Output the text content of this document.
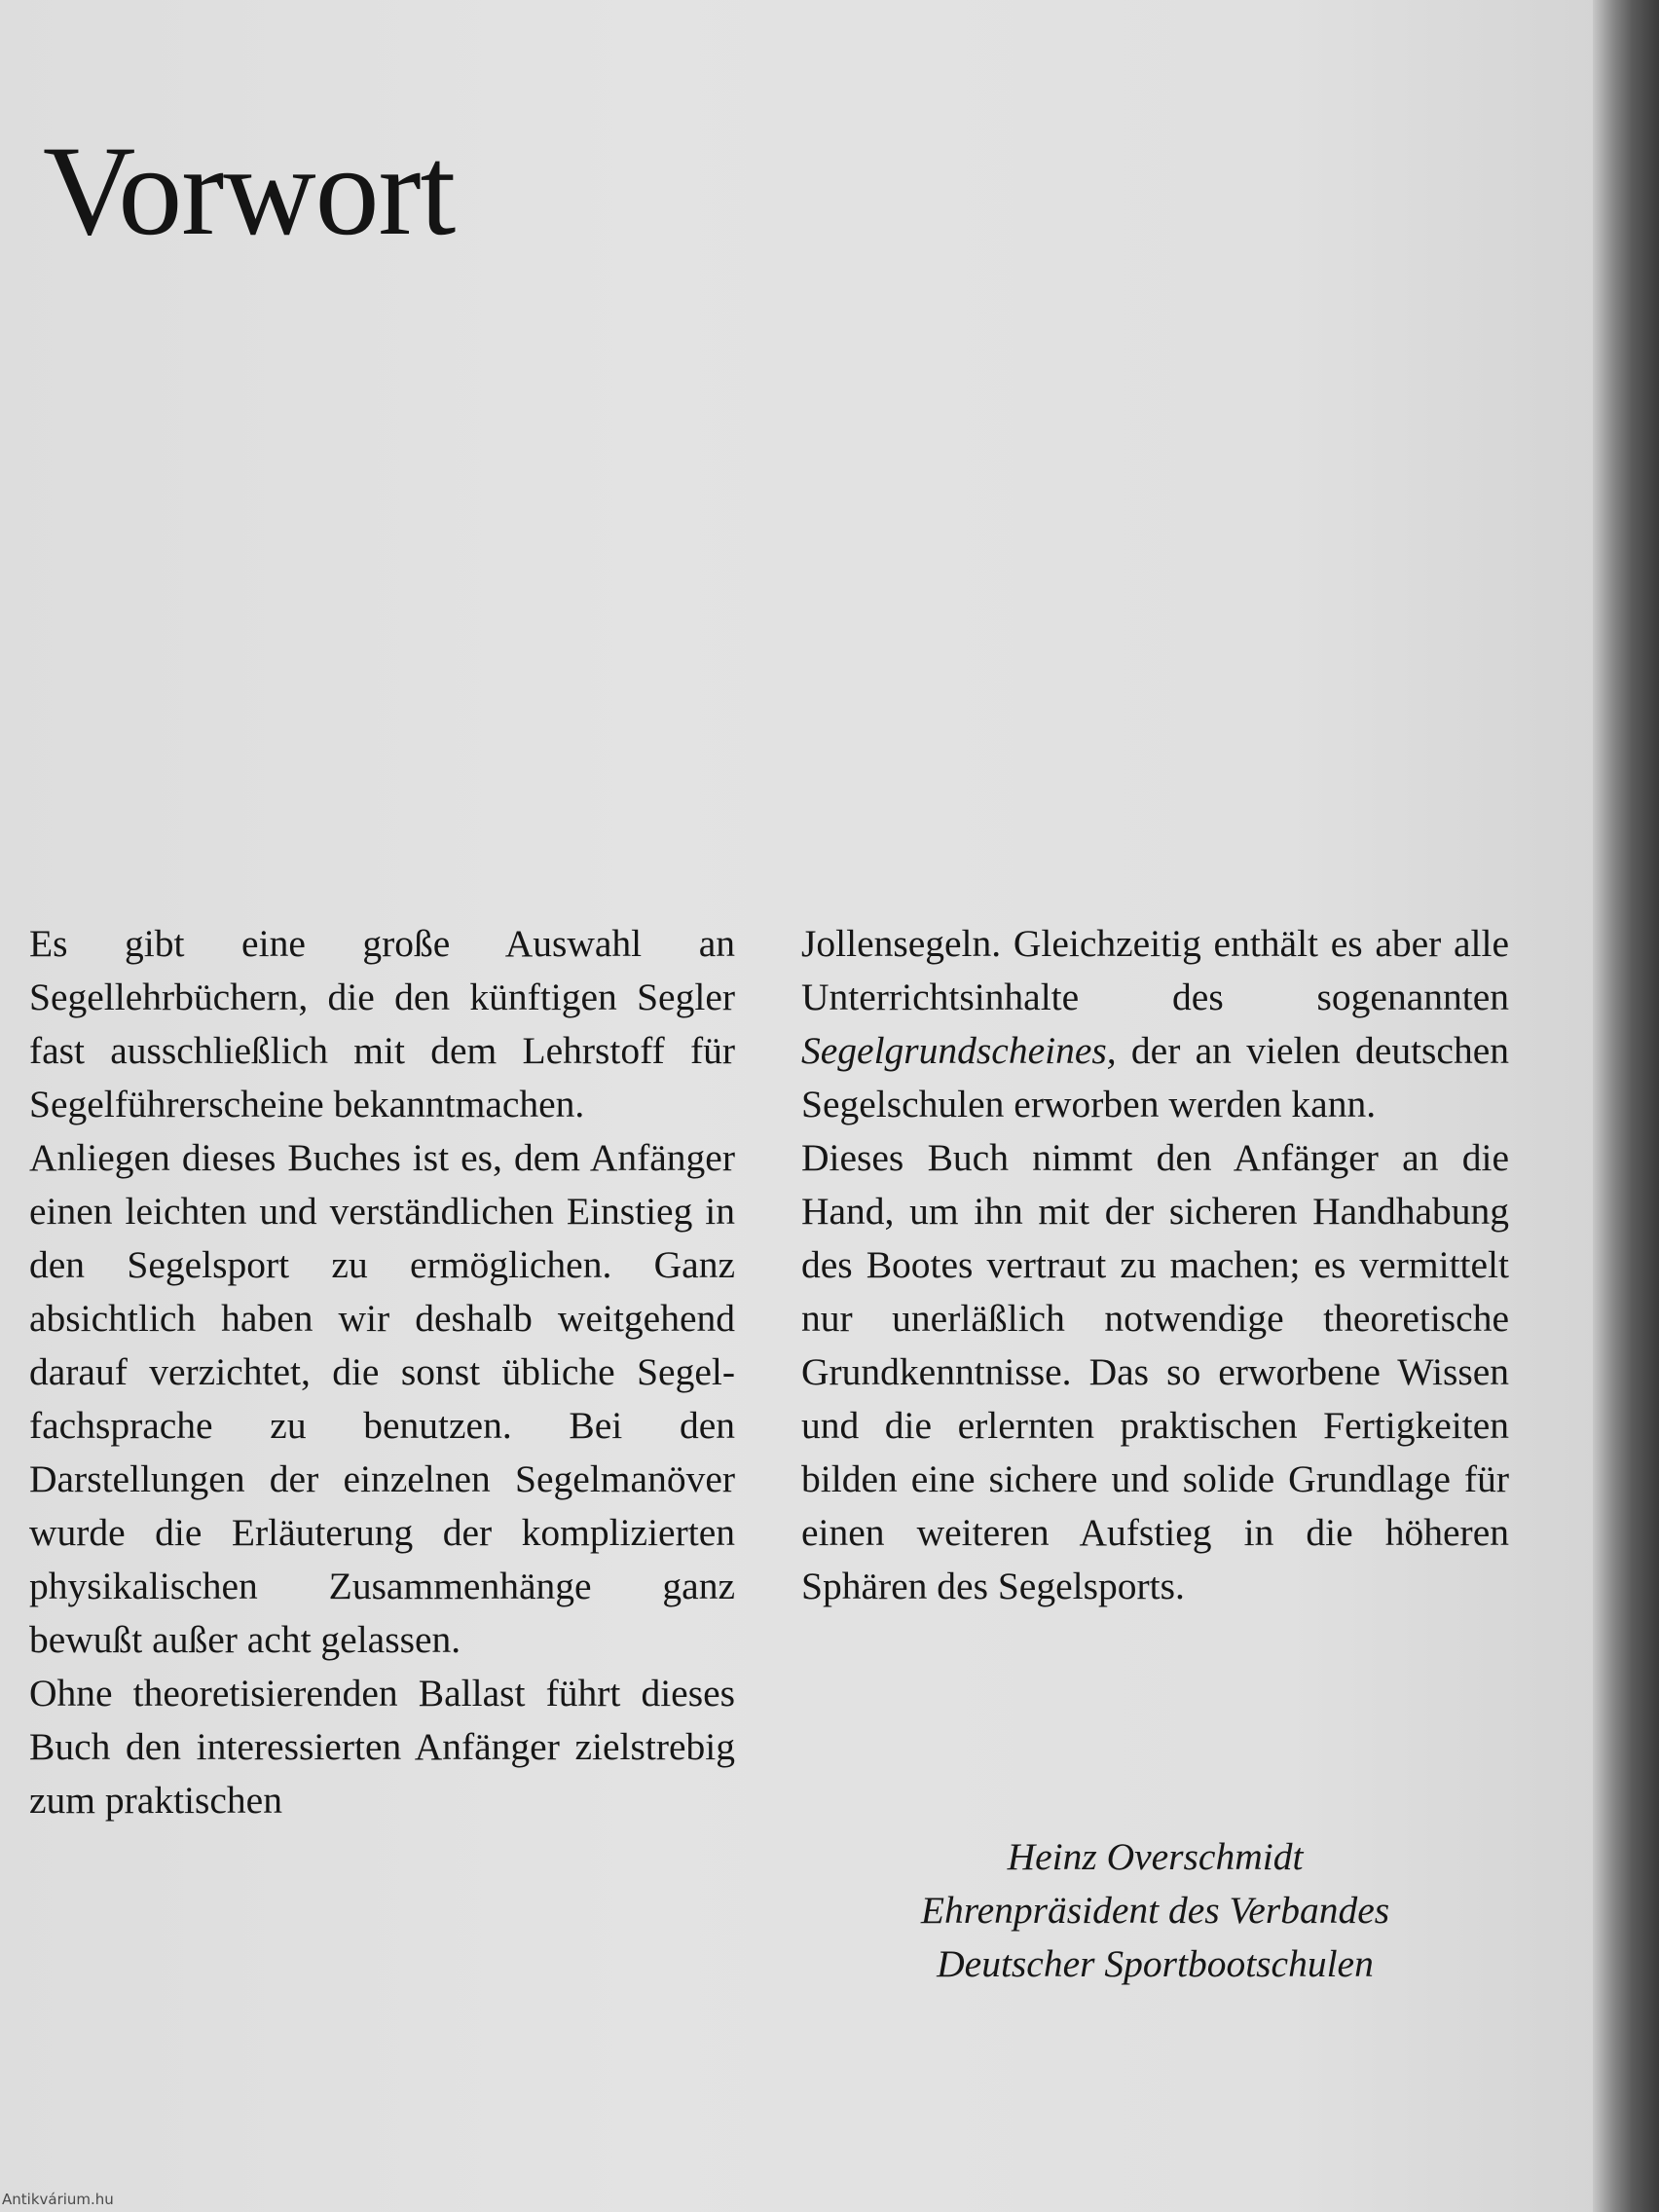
Vorwort

Es gibt eine große Auswahl an Segellehrbüchern, die den künftigen Segler fast ausschließlich mit dem Lehrstoff für Segelführerscheine bekanntmachen.

Anliegen dieses Buches ist es, dem Anfänger einen leichten und verständlichen Einstieg in den Segelsport zu ermöglichen. Ganz absichtlich haben wir deshalb weitgehend darauf verzichtet, die sonst übliche Segelfachsprache zu benutzen. Bei den Darstellungen der einzelnen Segelmanöver wurde die Erläuterung der komplizierten physikalischen Zusammenhänge ganz bewußt außer acht gelassen.

Ohne theoretisierenden Ballast führt dieses Buch den interessierten Anfänger zielstrebig zum praktischen

Jollensegeln. Gleichzeitig enthält es aber alle Unterrichtsinhalte des sogenannten Segelgrundscheines, der an vielen deutschen Segelschulen erworben werden kann.

Dieses Buch nimmt den Anfänger an die Hand, um ihn mit der sicheren Handhabung des Bootes vertraut zu machen; es vermittelt nur unerläßlich notwendige theoretische Grundkenntnisse. Das so erworbene Wissen und die erlernten praktischen Fertigkeiten bilden eine sichere und solide Grundlage für einen weiteren Aufstieg in die höheren Sphären des Segelsports.

Heinz Overschmidt
Ehrenpräsident des Verbandes
Deutscher Sportbootschulen
Antikvárium.hu
